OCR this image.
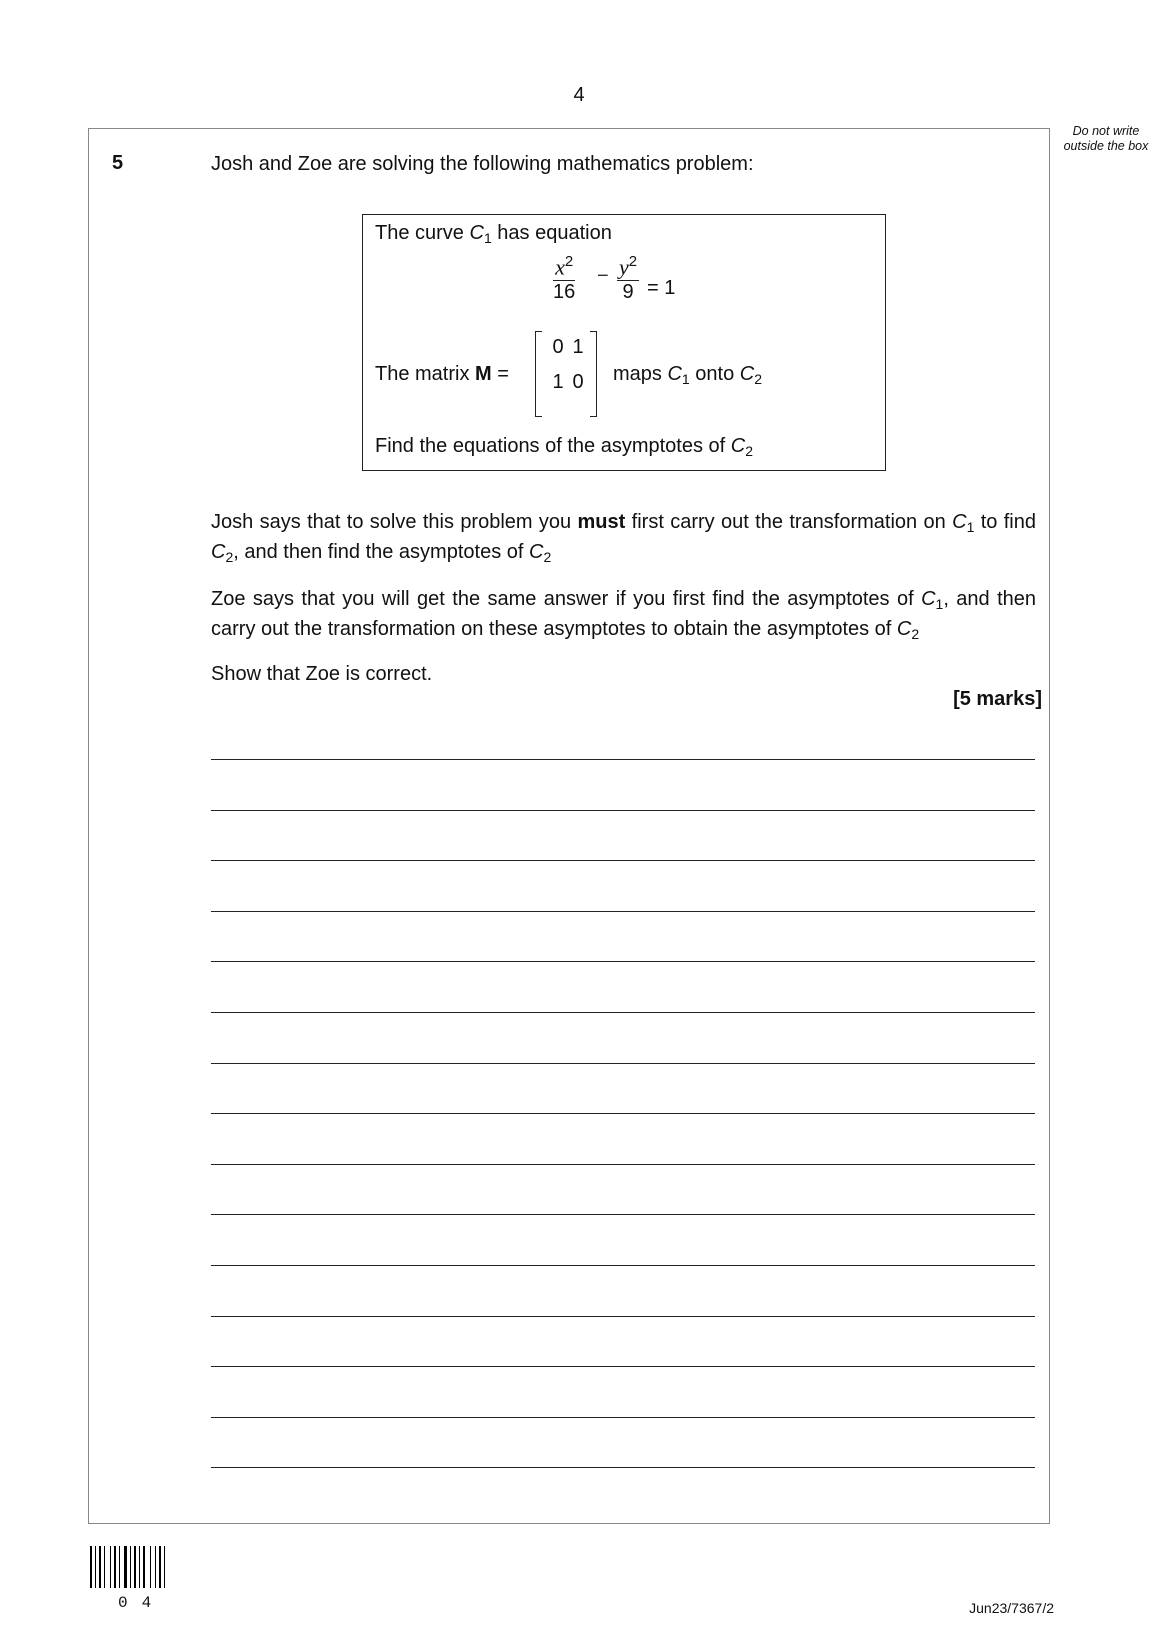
4
Do not write outside the box
5	Josh and Zoe are solving the following mathematics problem:
The curve $C_1$ has equation
$\frac{x^2}{16} - \frac{y^2}{9} = 1$
The matrix M =
0 1
1 0 maps $C_1$ onto $C_2$
Find the equations of the asymptotes of $C_2$
Josh says that to solve this problem you must first carry out the transformation on $C_1$ to find $C_2$, and then find the asymptotes of $C_2$
Zoe says that you will get the same answer if you first find the asymptotes of $C_1$, and then carry out the transformation on these asymptotes to obtain the asymptotes of $C_2$
Show that Zoe is correct.
[5 marks]
04	Jun23/7367/2
